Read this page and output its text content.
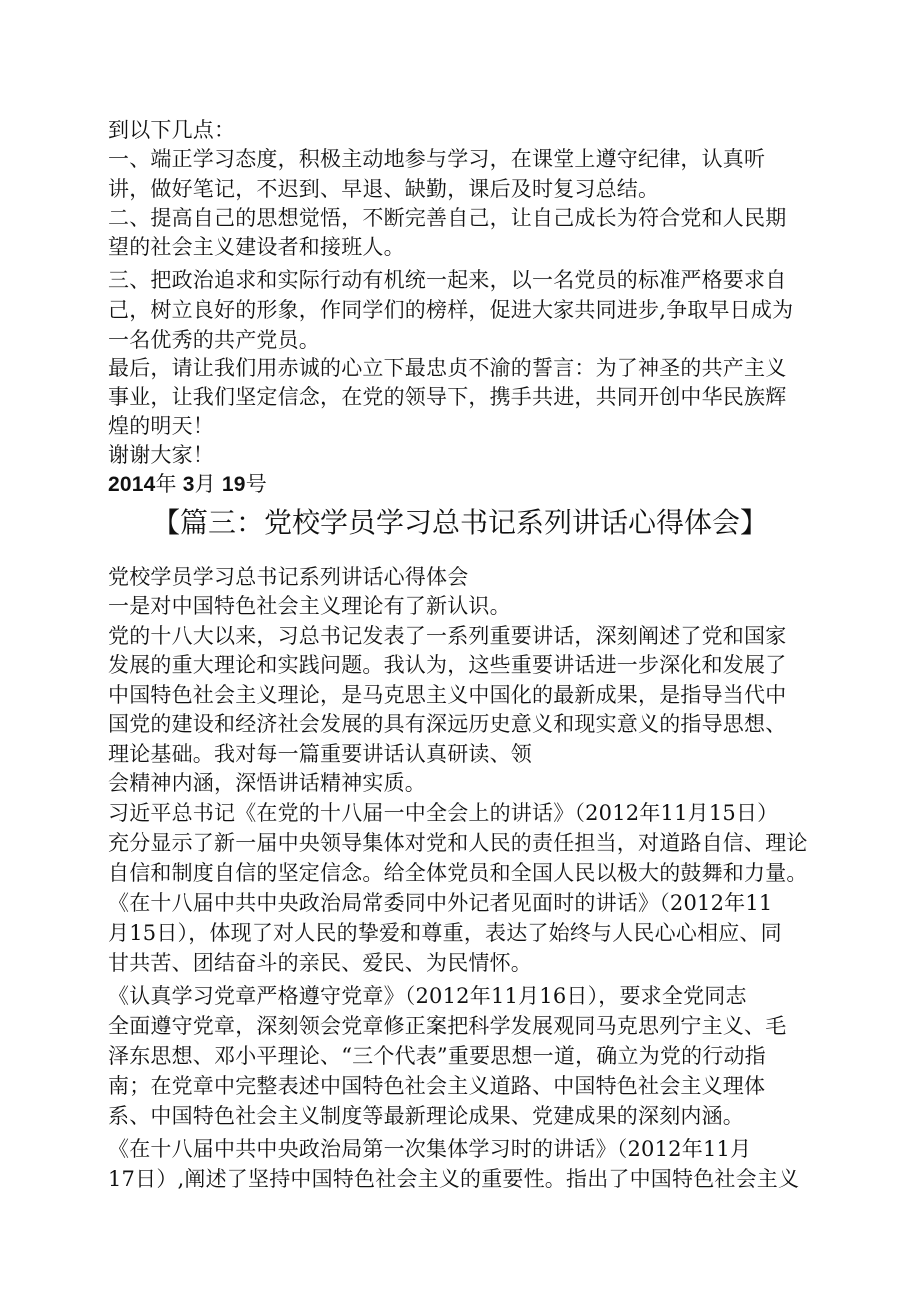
到以下几点：
一、端正学习态度，积极主动地参与学习，在课堂上遵守纪律，认真听
讲，做好笔记，不迟到、早退、缺勤，课后及时复习总结。
二、提高自己的思想觉悟，不断完善自己，让自己成长为符合党和人民期
望的社会主义建设者和接班人。
三、把政治追求和实际行动有机统一起来，以一名党员的标准严格要求自
己，树立良好的形象，作同学们的榜样，促进大家共同进步,争取早日成为
一名优秀的共产党员。
最后，请让我们用赤诚的心立下最忠贞不渝的誓言：为了神圣的共产主义
事业，让我们坚定信念，在党的领导下，携手共进，共同开创中华民族辉
煌的明天！
谢谢大家！
2014年 3月 19号
【篇三：党校学员学习总书记系列讲话心得体会】
党校学员学习总书记系列讲话心得体会
一是对中国特色社会主义理论有了新认识。
党的十八大以来，习总书记发表了一系列重要讲话，深刻阐述了党和国家
发展的重大理论和实践问题。我认为，这些重要讲话进一步深化和发展了
中国特色社会主义理论，是马克思主义中国化的最新成果，是指导当代中
国党的建设和经济社会发展的具有深远历史意义和现实意义的指导思想、
理论基础。我对每一篇重要讲话认真研读、领
会精神内涵，深悟讲话精神实质。
习近平总书记《在党的十八届一中全会上的讲话》（2012年11月15日）
充分显示了新一届中央领导集体对党和人民的责任担当，对道路自信、理论
自信和制度自信的坚定信念。给全体党员和全国人民以极大的鼓舞和力量。
《在十八届中共中央政治局常委同中外记者见面时的讲话》（2012年11
月15日），体现了对人民的挚爱和尊重，表达了始终与人民心心相应、同
甘共苦、团结奋斗的亲民、爱民、为民情怀。
《认真学习党章严格遵守党章》（2012年11月16日），要求全党同志
全面遵守党章，深刻领会党章修正案把科学发展观同马克思列宁主义、毛
泽东思想、邓小平理论、“三个代表”重要思想一道，确立为党的行动指
南；在党章中完整表述中国特色社会主义道路、中国特色社会主义理体
系、中国特色社会主义制度等最新理论成果、党建成果的深刻内涵。
《在十八届中共中央政治局第一次集体学习时的讲话》（2012年11月
17日）,阐述了坚持中国特色社会主义的重要性。指出了中国特色社会主义
